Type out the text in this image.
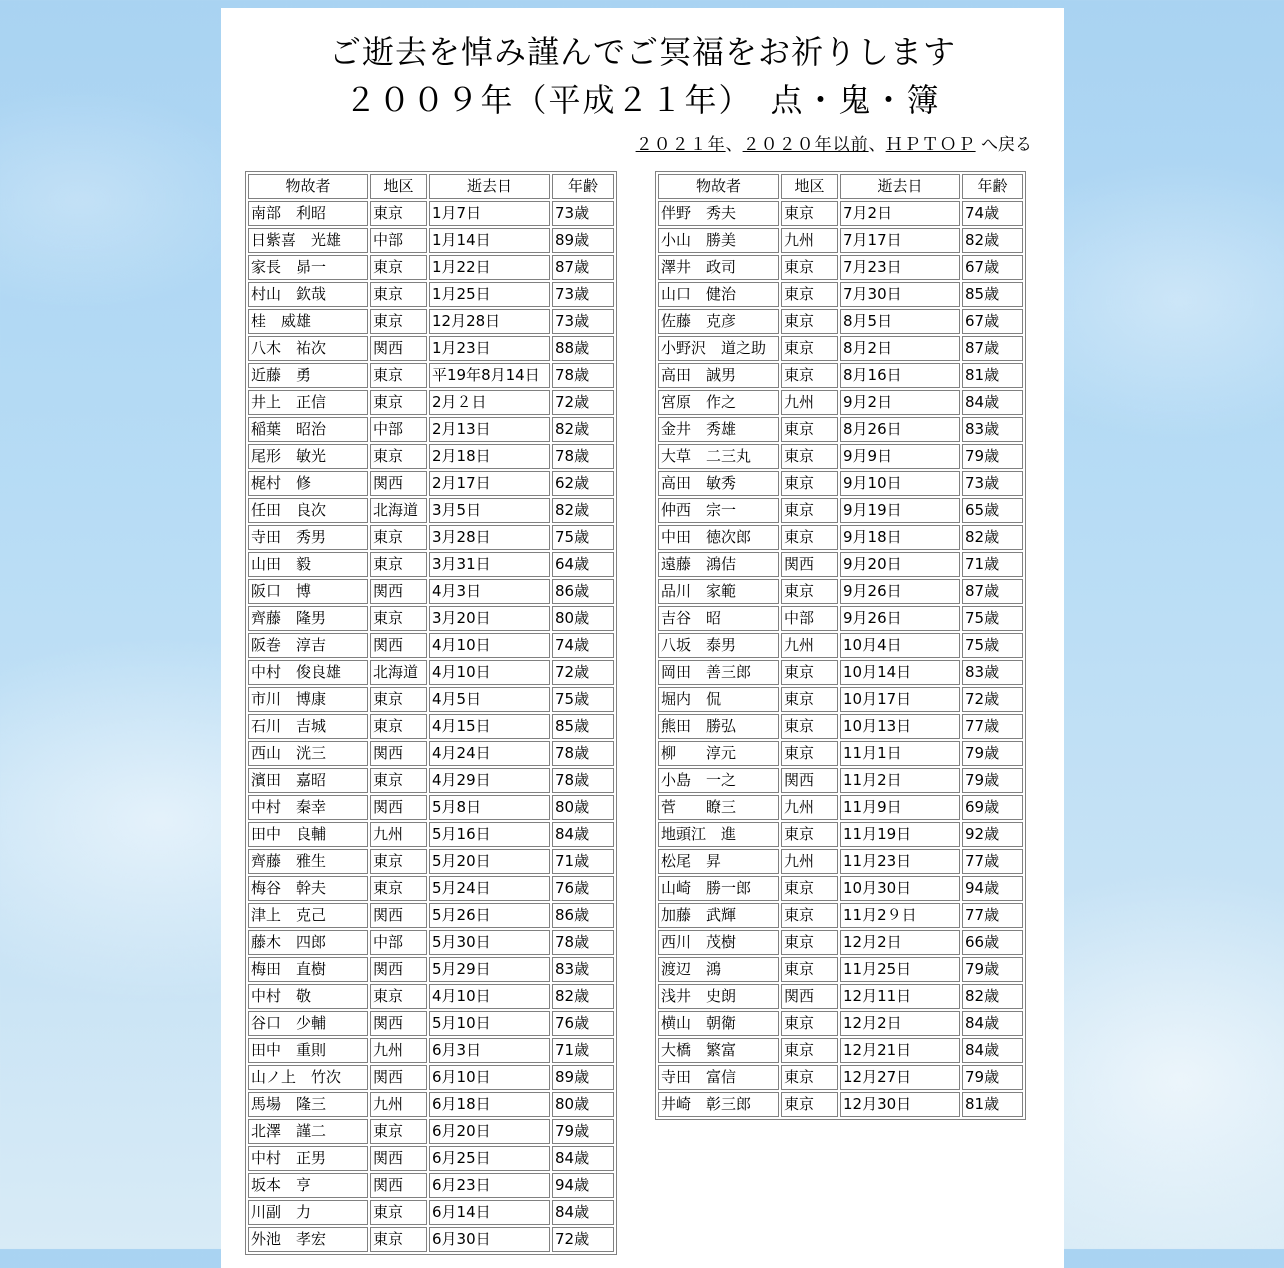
ご逝去を悼み謹んでご冥福をお祈りします
２００９年（平成２１年）　点・鬼・簿
２０２１年、２０２０年以前、ＨＰＴＯＰ へ戻る
物故者	地区	逝去日	年齢
南部　利昭	東京	1月7日	73歳
日紫喜　光雄	中部	1月14日	89歳
家長　昴一	東京	1月22日	87歳
村山　欽哉	東京	1月25日	73歳
桂　威雄	東京	12月28日	73歳
八木　祐次	関西	1月23日	88歳
近藤　勇	東京	平19年8月14日	78歳
井上　正信	東京	2月２日	72歳
稲葉　昭治	中部	2月13日	82歳
尾形　敏光	東京	2月18日	78歳
梶村　修	関西	2月17日	62歳
任田　良次	北海道	3月5日	82歳
寺田　秀男	東京	3月28日	75歳
山田　毅	東京	3月31日	64歳
阪口　博	関西	4月3日	86歳
齊藤　隆男	東京	3月20日	80歳
阪巻　淳吉	関西	4月10日	74歳
中村　俊良雄	北海道	4月10日	72歳
市川　博康	東京	4月5日	75歳
石川　吉城	東京	4月15日	85歳
西山　洸三	関西	4月24日	78歳
濱田　嘉昭	東京	4月29日	78歳
中村　秦幸	関西	5月8日	80歳
田中　良輔	九州	5月16日	84歳
齊藤　雅生	東京	5月20日	71歳
梅谷　幹夫	東京	5月24日	76歳
津上　克己	関西	5月26日	86歳
藤木　四郎	中部	5月30日	78歳
梅田　直樹	関西	5月29日	83歳
中村　敬	東京	4月10日	82歳
谷口　少輔	関西	5月10日	76歳
田中　重則	九州	6月3日	71歳
山ノ上　竹次	関西	6月10日	89歳
馬場　隆三	九州	6月18日	80歳
北澤　謹二	東京	6月20日	79歳
中村　正男	関西	6月25日	84歳
坂本　亨	関西	6月23日	94歳
川副　力	東京	6月14日	84歳
外池　孝宏	東京	6月30日	72歳
物故者	地区	逝去日	年齢
伴野　秀夫	東京	7月2日	74歳
小山　勝美	九州	7月17日	82歳
澤井　政司	東京	7月23日	67歳
山口　健治	東京	7月30日	85歳
佐藤　克彦	東京	8月5日	67歳
小野沢　道之助	東京	8月2日	87歳
高田　誠男	東京	8月16日	81歳
宮原　作之	九州	9月2日	84歳
金井　秀雄	東京	8月26日	83歳
大草　二三丸	東京	9月9日	79歳
高田　敏秀	東京	9月10日	73歳
仲西　宗一	東京	9月19日	65歳
中田　徳次郎	東京	9月18日	82歳
遠藤　鴻佶	関西	9月20日	71歳
品川　家範	東京	9月26日	87歳
吉谷　昭	中部	9月26日	75歳
八坂　泰男	九州	10月4日	75歳
岡田　善三郎	東京	10月14日	83歳
堀内　侃	東京	10月17日	72歳
熊田　勝弘	東京	10月13日	77歳
柳　　淳元	東京	11月1日	79歳
小島　一之	関西	11月2日	79歳
菅　　瞭三	九州	11月9日	69歳
地頭江　進	東京	11月19日	92歳
松尾　昇	九州	11月23日	77歳
山崎　勝一郎	東京	10月30日	94歳
加藤　武輝	東京	11月2９日	77歳
西川　茂樹	東京	12月2日	66歳
渡辺　鴻	東京	11月25日	79歳
浅井　史朗	関西	12月11日	82歳
横山　朝衛	東京	12月2日	84歳
大橋　繁富	東京	12月21日	84歳
寺田　富信	東京	12月27日	79歳
井崎　彰三郎	東京	12月30日	81歳
